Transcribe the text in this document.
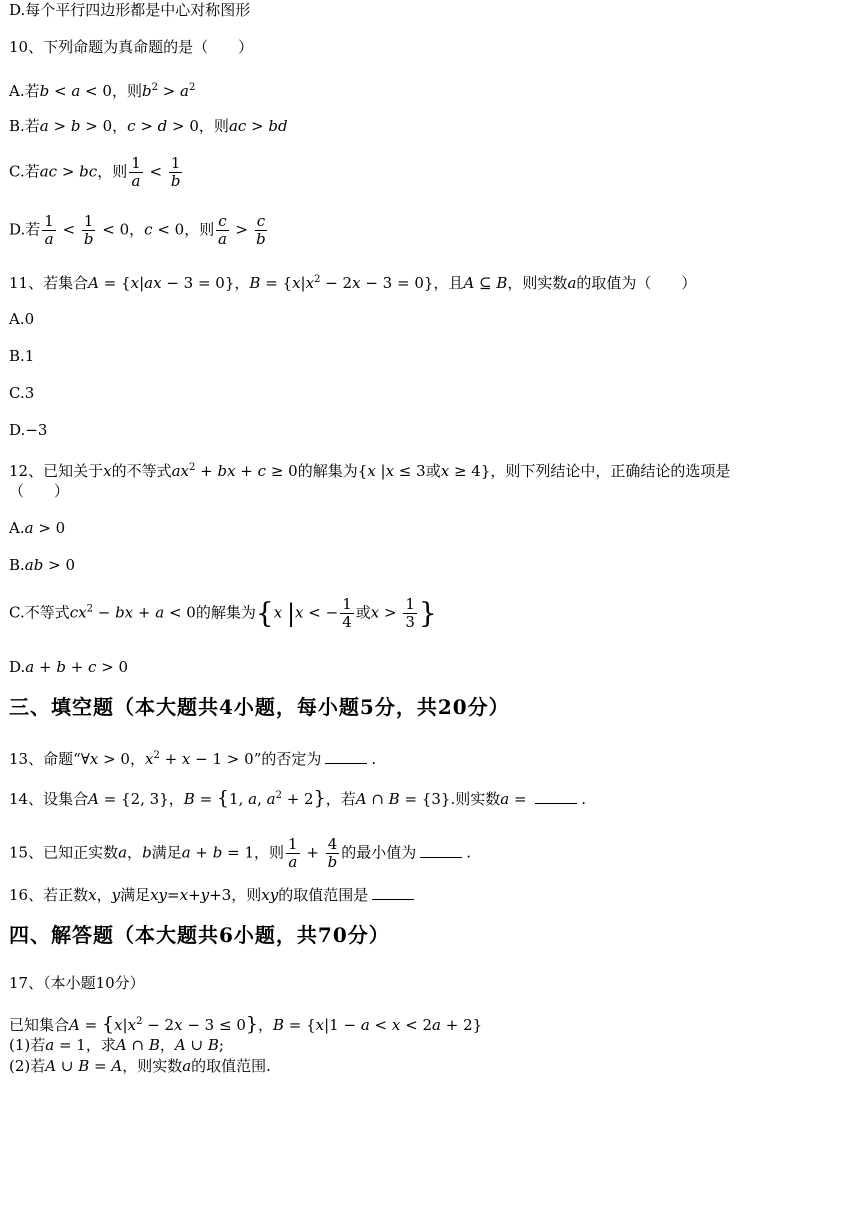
D.每个平行四边形都是中心对称图形
10、下列命题为真命题的是（　　）
A.若b < a < 0，则$b^2 > a^2$
B.若a > b > 0，c > d > 0，则ac > bd
C.若ac > bc，则 $\frac{1}{a} < \frac{1}{b}$
D.若 $\frac{1}{a} < \frac{1}{b} < 0$，c < 0，则 $\frac{c}{a} > \frac{c}{b}$
11、若集合A = {x|ax − 3 = 0}，$B = \{x|x^2 - 2x - 3 = 0\}$，且A ⊆ B，则实数a的取值为（　　）
A.0
B.1
C.3
D.−3
12、已知关于x的不等式$ax^2$ + bx + c ≥ 0的解集为{x |x ≤ 3或x ≥ 4}，则下列结论中，正确结论的选项是
（　　）
A.a > 0
B.ab > 0
C.不等式$cx^2$ − bx + a < 0的解集为{x |x < − $\frac{1}{4}$ 或$x > \frac{1}{3}$ }
D.a + b + c > 0
三、填空题（本大题共4小题，每小题5分，共20分）
13、命题“∀x > 0，$x^2 + x - 1 > 0$”的否定为	.
14、设集合A = {2, 3}，B = {1, a, $a^2 + 2$}，若A ∩ B = {3}.则实数a =	.
15、已知正实数a，b满足a + b = 1，则 $\frac{1}{a} + \frac{4}{b}$ 的最小值为	.
16、若正数x，y满足xy=x+y+3，则xy的取值范围是
四、解答题（本大题共6小题，共70分）
17、（本小题10分）
已知集合$A = \{x|x^2 - 2x - 3 \le 0\}$，B = {x|1 − a < x < 2a + 2}
(1)若a = 1，求A ∩ B，A ∪ B;
(2)若A ∪ B = A，则实数a的取值范围.
